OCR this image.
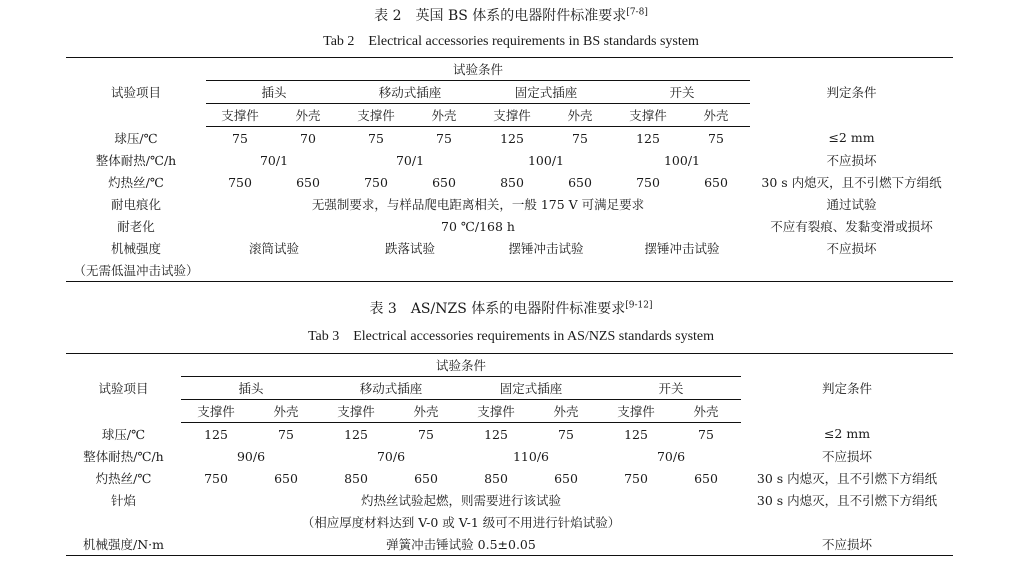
表 2　英国 BS 体系的电器附件标准要求[7-8]
Tab 2　Electrical accessories requirements in BS standards system
试验项目	试验条件								判定条件
	插头		移动式插座		固定式插座		开关		
	支撑件	外壳	支撑件	外壳	支撑件	外壳	支撑件	外壳	
球压/℃	75	70	75	75	125	75	125	75	≤2 mm
整体耐热/℃/h	70/1		70/1		100/1		100/1		不应损坏
灼热丝/℃	750	650	750	650	850	650	750	650	30 s 内熄灭，且不引燃下方绢纸
耐电痕化	无强制要求，与样品爬电距离相关，一般 175 V 可满足要求								通过试验
耐老化	70 ℃/168 h								不应有裂痕、发黏变滑或损坏
机械强度	滚筒试验		跌落试验		摆锤冲击试验		摆锤冲击试验		不应损坏
（无需低温冲击试验）									
表 3　AS/NZS 体系的电器附件标准要求[9-12]
Tab 3　Electrical accessories requirements in AS/NZS standards system
试验项目	试验条件								判定条件
	插头		移动式插座		固定式插座		开关		
	支撑件	外壳	支撑件	外壳	支撑件	外壳	支撑件	外壳	
球压/℃	125	75	125	75	125	75	125	75	≤2 mm
整体耐热/℃/h	90/6		70/6		110/6		70/6		不应损坏
灼热丝/℃	750	650	850	650	850	650	750	650	30 s 内熄灭，且不引燃下方绢纸
针焰	灼热丝试验起燃，则需要进行该试验								30 s 内熄灭，且不引燃下方绢纸
	（相应厚度材料达到 V-0 或 V-1 级可不用进行针焰试验）								
机械强度/N·m	弹簧冲击锤试验 0.5±0.05								不应损坏
